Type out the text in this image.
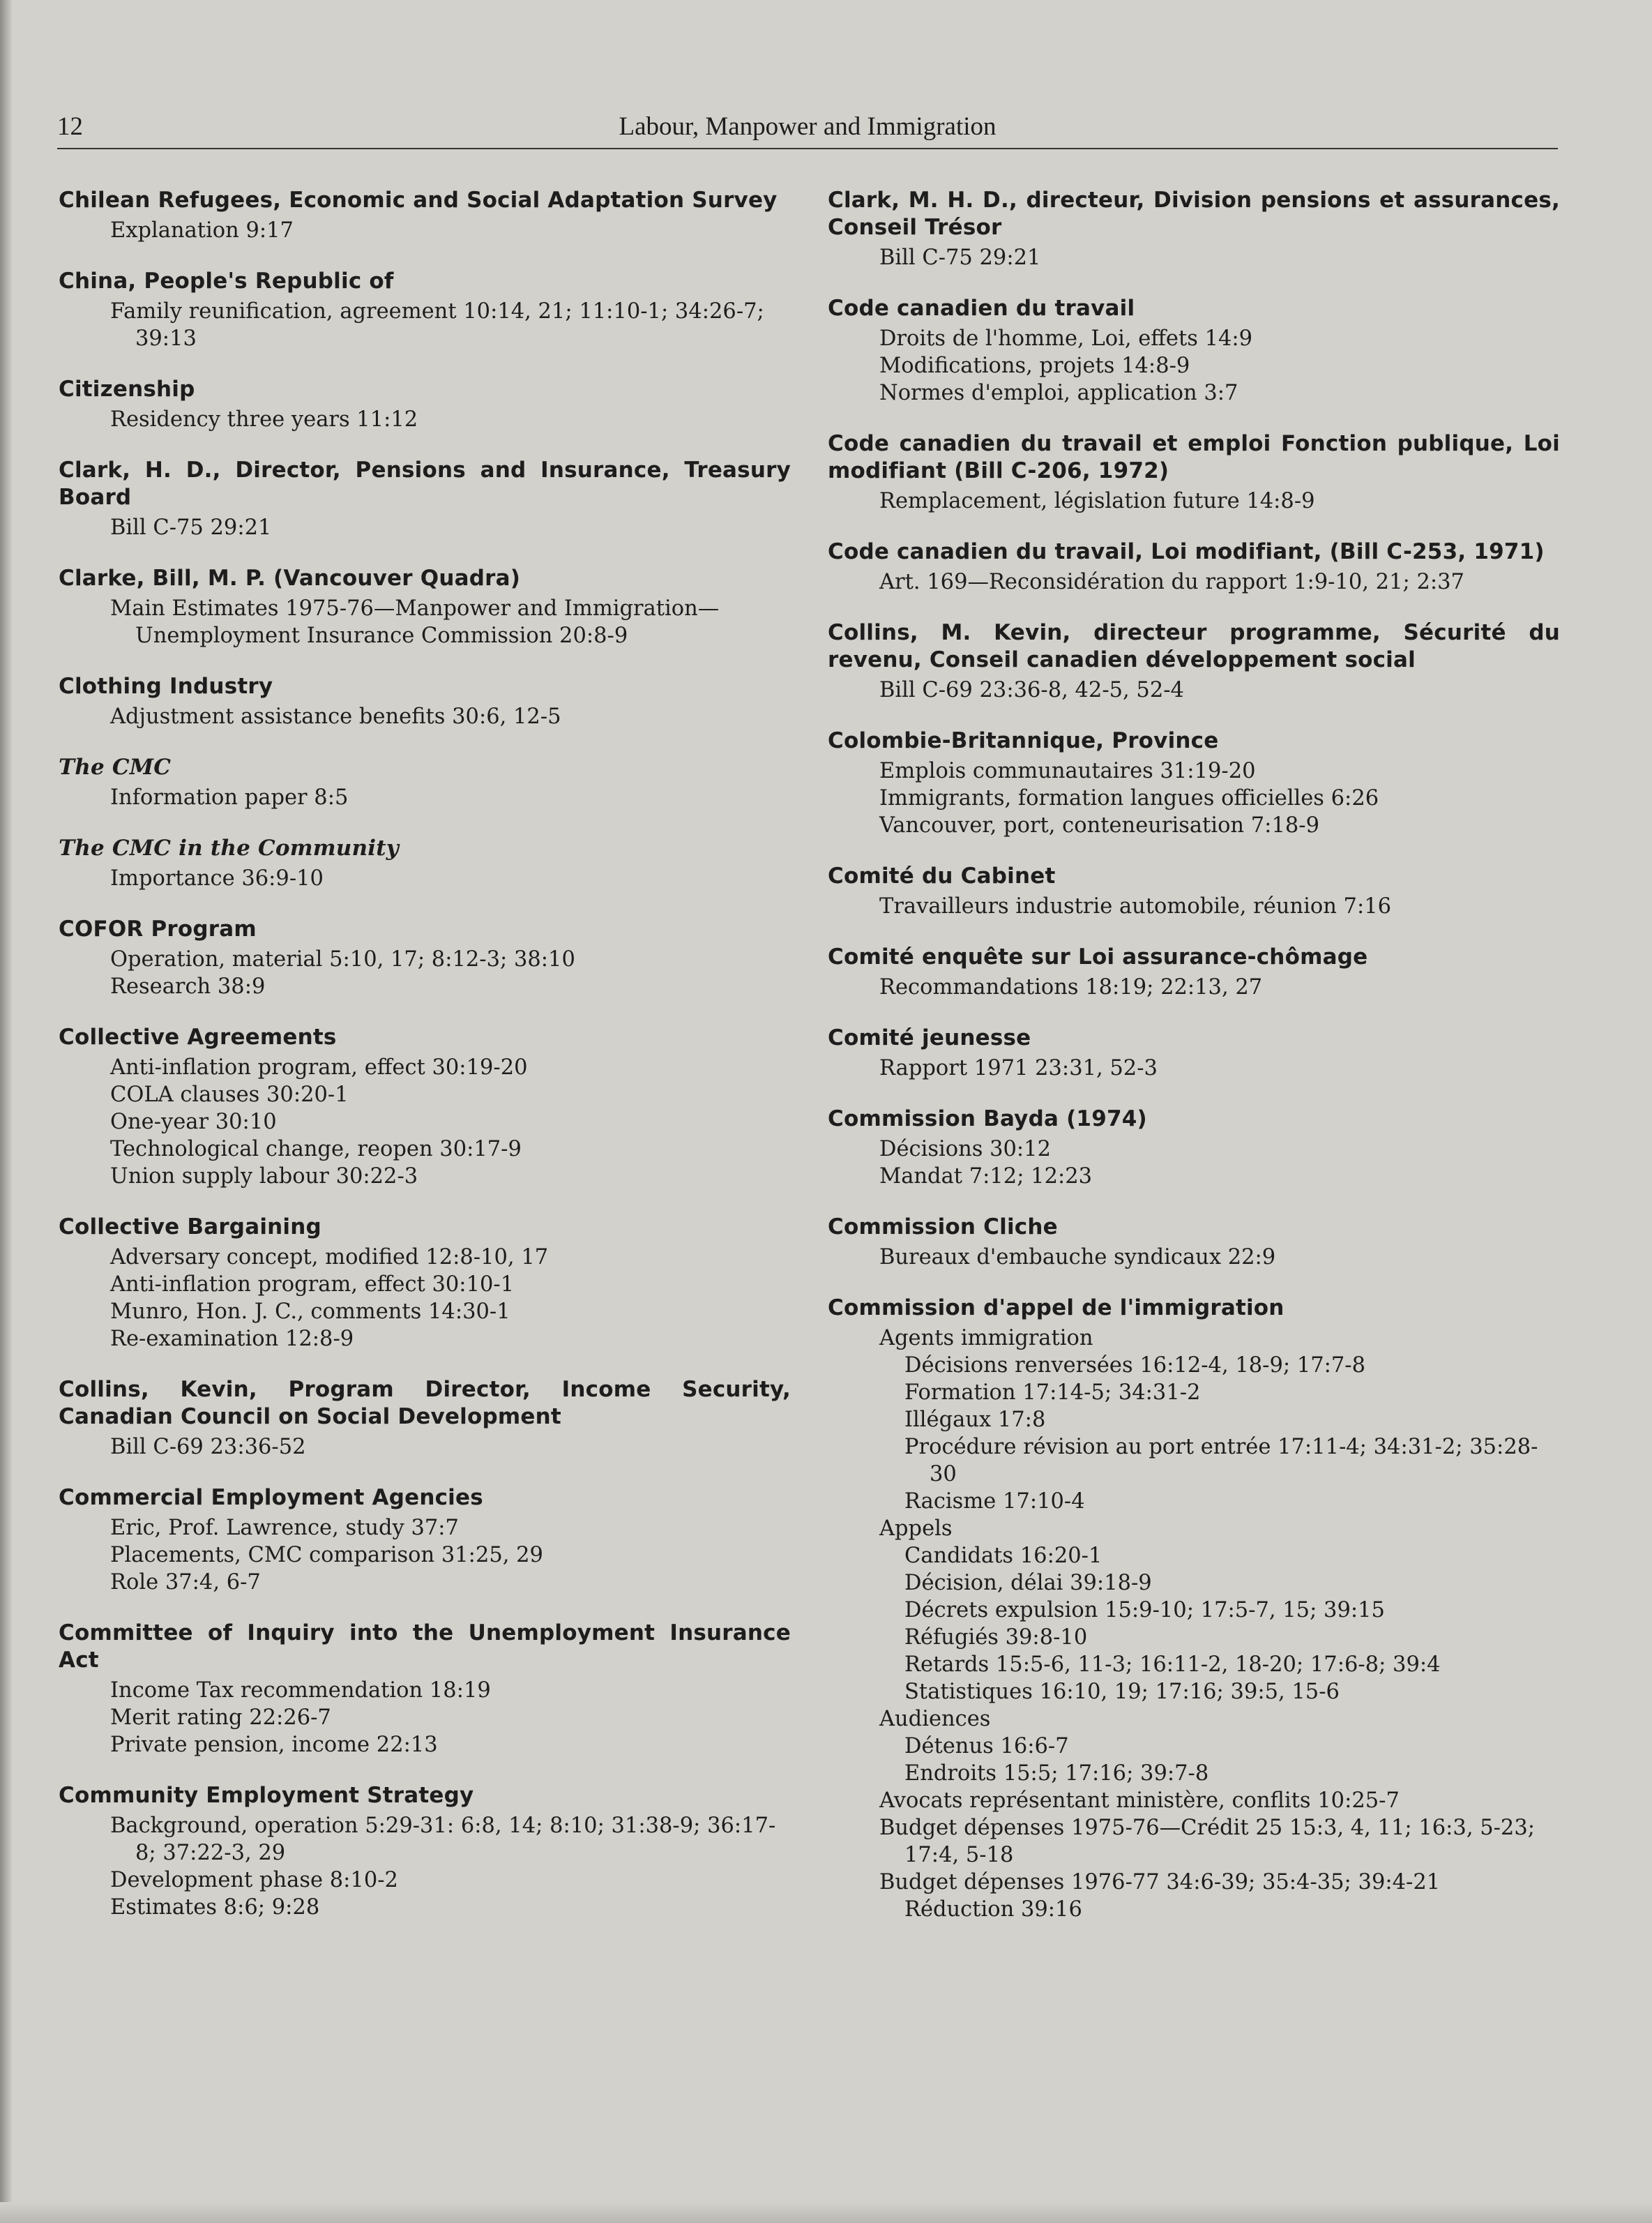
12	Labour, Manpower and Immigration
Chilean Refugees, Economic and Social Adaptation Survey
Explanation 9:17
China, People's Republic of
Family reunification, agreement 10:14, 21; 11:10-1; 34:26-7; 39:13
Citizenship
Residency three years 11:12
Clark, H. D., Director, Pensions and Insurance, Treasury Board
Bill C-75 29:21
Clarke, Bill, M. P. (Vancouver Quadra)
Main Estimates 1975-76—Manpower and Immigration—Unemployment Insurance Commission 20:8-9
Clothing Industry
Adjustment assistance benefits 30:6, 12-5
The CMC
Information paper 8:5
The CMC in the Community
Importance 36:9-10
COFOR Program
Operation, material 5:10, 17; 8:12-3; 38:10
Research 38:9
Collective Agreements
Anti-inflation program, effect 30:19-20
COLA clauses 30:20-1
One-year 30:10
Technological change, reopen 30:17-9
Union supply labour 30:22-3
Collective Bargaining
Adversary concept, modified 12:8-10, 17
Anti-inflation program, effect 30:10-1
Munro, Hon. J. C., comments 14:30-1
Re-examination 12:8-9
Collins, Kevin, Program Director, Income Security, Canadian Council on Social Development
Bill C-69 23:36-52
Commercial Employment Agencies
Eric, Prof. Lawrence, study 37:7
Placements, CMC comparison 31:25, 29
Role 37:4, 6-7
Committee of Inquiry into the Unemployment Insurance Act
Income Tax recommendation 18:19
Merit rating 22:26-7
Private pension, income 22:13
Community Employment Strategy
Background, operation 5:29-31: 6:8, 14; 8:10; 31:38-9; 36:17-8; 37:22-3, 29
Development phase 8:10-2
Estimates 8:6; 9:28
Clark, M. H. D., directeur, Division pensions et assurances, Conseil Trésor
Bill C-75 29:21
Code canadien du travail
Droits de l'homme, Loi, effets 14:9
Modifications, projets 14:8-9
Normes d'emploi, application 3:7
Code canadien du travail et emploi Fonction publique, Loi modifiant (Bill C-206, 1972)
Remplacement, législation future 14:8-9
Code canadien du travail, Loi modifiant, (Bill C-253, 1971)
Art. 169—Reconsidération du rapport 1:9-10, 21; 2:37
Collins, M. Kevin, directeur programme, Sécurité du revenu, Conseil canadien développement social
Bill C-69 23:36-8, 42-5, 52-4
Colombie-Britannique, Province
Emplois communautaires 31:19-20
Immigrants, formation langues officielles 6:26
Vancouver, port, conteneurisation 7:18-9
Comité du Cabinet
Travailleurs industrie automobile, réunion 7:16
Comité enquête sur Loi assurance-chômage
Recommandations 18:19; 22:13, 27
Comité jeunesse
Rapport 1971 23:31, 52-3
Commission Bayda (1974)
Décisions 30:12
Mandat 7:12; 12:23
Commission Cliche
Bureaux d'embauche syndicaux 22:9
Commission d'appel de l'immigration
Agents immigration
Décisions renversées 16:12-4, 18-9; 17:7-8
Formation 17:14-5; 34:31-2
Illégaux 17:8
Procédure révision au port entrée 17:11-4; 34:31-2; 35:28-30
Racisme 17:10-4
Appels
Candidats 16:20-1
Décision, délai 39:18-9
Décrets expulsion 15:9-10; 17:5-7, 15; 39:15
Réfugiés 39:8-10
Retards 15:5-6, 11-3; 16:11-2, 18-20; 17:6-8; 39:4
Statistiques 16:10, 19; 17:16; 39:5, 15-6
Audiences
Détenus 16:6-7
Endroits 15:5; 17:16; 39:7-8
Avocats représentant ministère, conflits 10:25-7
Budget dépenses 1975-76—Crédit 25 15:3, 4, 11; 16:3, 5-23; 17:4, 5-18
Budget dépenses 1976-77 34:6-39; 35:4-35; 39:4-21
Réduction 39:16
